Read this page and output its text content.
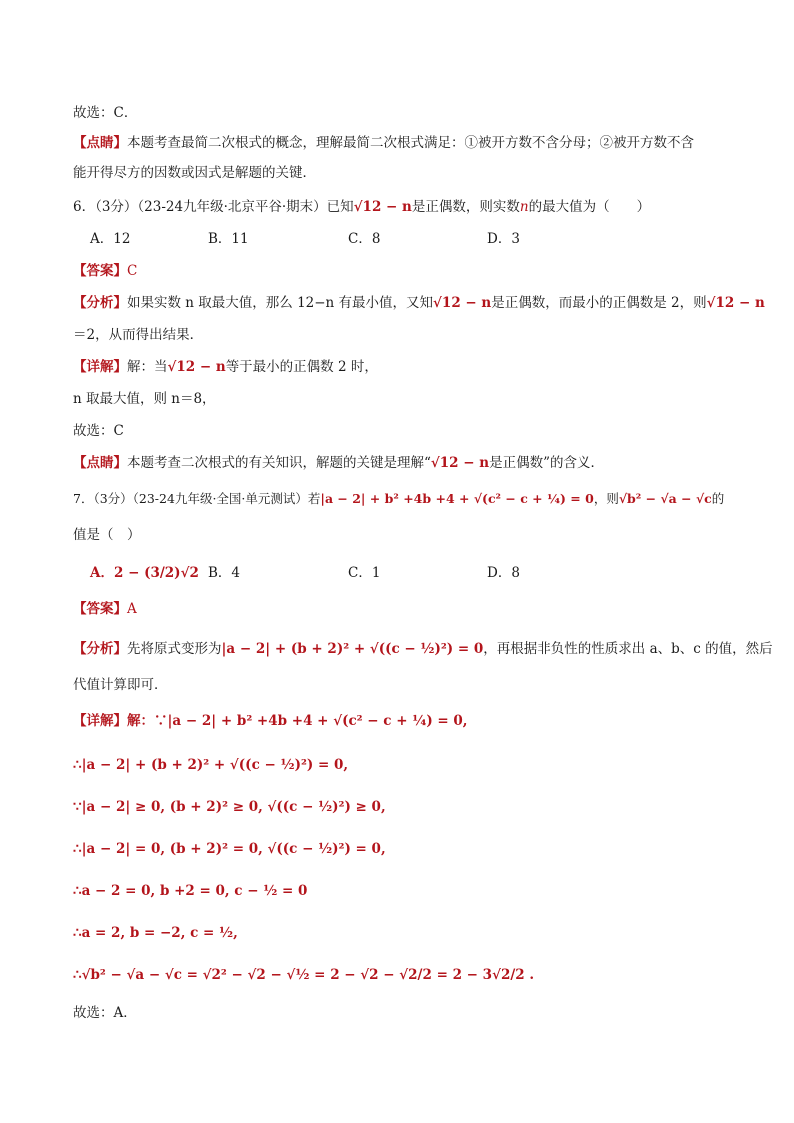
故选：C．
【点睛】本题考查最简二次根式的概念，理解最简二次根式满足：①被开方数不含分母；②被开方数不含
能开得尽方的因数或因式是解题的关键．
6．（3分）（23-24九年级·北京平谷·期末）已知√12 − n是正偶数，则实数n的最大值为（　　）
A．12	B．11	C．8	D．3
【答案】C
【分析】如果实数 n 取最大值，那么 12−n 有最小值，又知√12 − n是正偶数，而最小的正偶数是 2，则√12 − n
＝2，从而得出结果．
【详解】解：当√12 − n等于最小的正偶数 2 时，
n 取最大值，则 n＝8，
故选：C
【点睛】本题考查二次根式的有关知识，解题的关键是理解“√12 − n是正偶数”的含义．
7．（3分）（23-24九年级·全国·单元测试）若|a − 2| + b² +4b +4 + √(c² − c + ¼) = 0，则√b² − √a − √c的
值是（　）
A．2 − (3/2)√2 B．4	C．1	D．8
【答案】A
【分析】先将原式变形为|a − 2| + (b + 2)² + √((c − ½)²) = 0，再根据非负性的性质求出 a、b、c 的值，然后
代值计算即可．
【详解】解：∵|a − 2| + b² +4b +4 + √(c² − c + ¼) = 0,
∴|a − 2| + (b + 2)² + √((c − ½)²) = 0,
∵|a − 2| ≥ 0, (b + 2)² ≥ 0, √((c − ½)²) ≥ 0,
∴|a − 2| = 0, (b + 2)² = 0, √((c − ½)²) = 0,
∴a − 2 = 0, b +2 = 0, c − ½ = 0
∴a = 2, b = −2, c = ½,
∴√b² − √a − √c = √2² − √2 − √½ = 2 − √2 − √2/2 = 2 − 3√2/2 .
故选：A．
